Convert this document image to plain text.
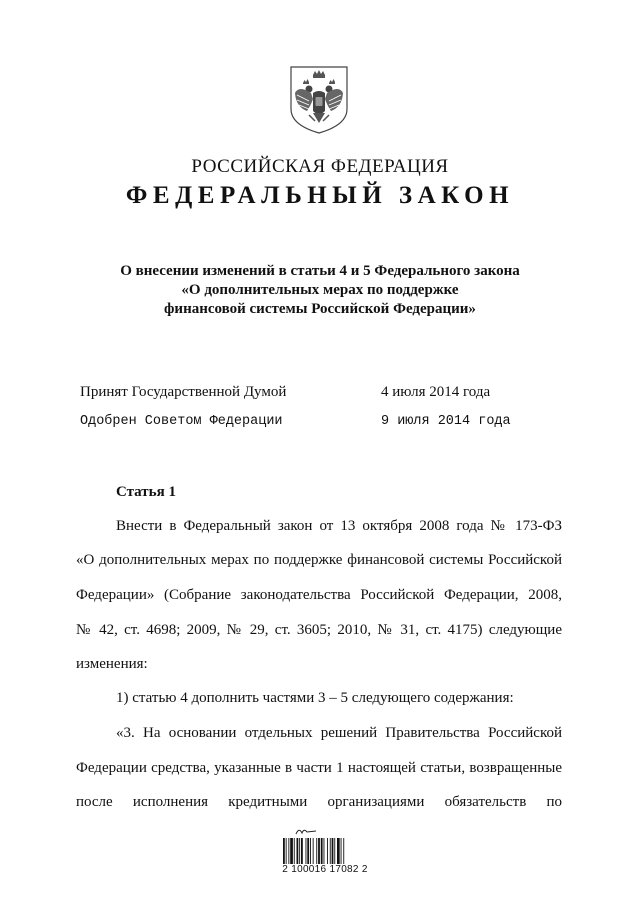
РОССИЙСКАЯ ФЕДЕРАЦИЯ
ФЕДЕРАЛЬНЫЙ ЗАКОН
О внесении изменений в статьи 4 и 5 Федерального закона
«О дополнительных мерах по поддержке
финансовой системы Российской Федерации»
Принят Государственной Думой	4 июля 2014 года
Одобрен Советом Федерации	9 июля 2014 года
Статья 1
Внести в Федеральный закон от 13 октября 2008 года № 173-ФЗ
«О дополнительных мерах по поддержке финансовой системы Российской
Федерации» (Собрание законодательства Российской Федерации, 2008,
№ 42, ст. 4698; 2009, № 29, ст. 3605; 2010, № 31, ст. 4175) следующие
изменения:
1) статью 4 дополнить частями 3 – 5 следующего содержания:
«3. На основании отдельных решений Правительства Российской
Федерации средства, указанные в части 1 настоящей статьи, возвращенные
после исполнения кредитными организациями обязательств по
2 100016 17082 2
